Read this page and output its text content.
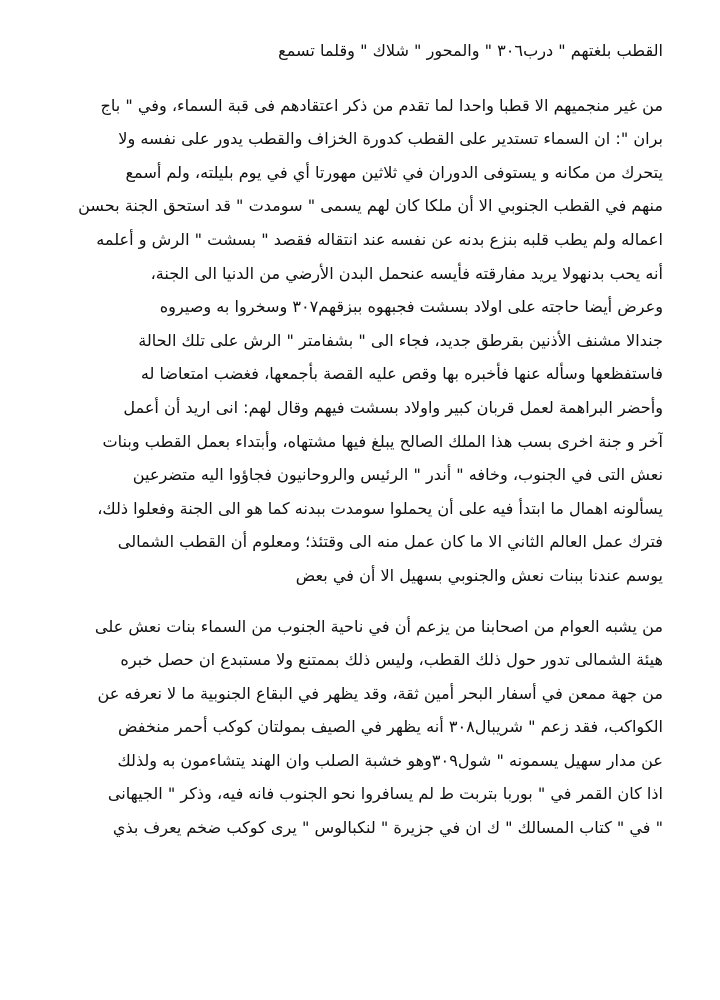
القطب بلغتهم " درب٣٠٦ " والمحور " شلاك " وقلما تسمع

من غير منجميهم الا قطبا واحدا لما تقدم من ذكر اعتقادهم فى قبة السماء، وفي " باج
بران ": ان السماء تستدير على القطب كدورة الخزاف والقطب يدور على نفسه ولا
يتحرك من مكانه و يستوفى الدوران في ثلاثين مهورتا أي في يوم بليلته، ولم أسمع
منهم في القطب الجنوبي الا أن ملكا كان لهم يسمى " سومدت " قد استحق الجنة بحسن
اعماله ولم يطب قلبه بنزع بدنه عن نفسه عند انتقاله فقصد " بسشت " الرش و أعلمه
أنه يحب بدنهولا يريد مفارقته فأيسه عنحمل البدن الأرضي من الدنيا الى الجنة،
وعرض أيضا حاجته على اولاد بسشت فجبهوه ببزقهم٣٠٧ وسخروا به وصيروه
جندالا مشنف الأذنين بقرطق جديد، فجاء الى " بشفامتر " الرش على تلك الحالة
فاستفظعها وسأله عنها فأخبره بها وقص عليه القصة بأجمعها، فغضب امتعاضا له
وأحضر البراهمة لعمل قربان كبير واولاد بسشت فيهم وقال لهم: انى اريد أن أعمل
آخر و جنة اخرى بسب هذا الملك الصالح يبلغ فيها مشتهاه، وأبتداء بعمل القطب وبنات
نعش التى في الجنوب، وخافه " أندر " الرئيس والروحانيون فجاؤوا اليه متضرعين
يسألونه اهمال ما ابتدأ فيه على أن يحملوا سومدت ببدنه كما هو الى الجنة وفعلوا ذلك،
فترك عمل العالم الثاني الا ما كان عمل منه الى وقتئذ؛ ومعلوم أن القطب الشمالى
يوسم عندنا ببنات نعش والجنوبي بسهيل الا أن في بعض

من يشبه العوام من اصحابنا من يزعم أن في ناحية الجنوب من السماء بنات نعش على
هيئة الشمالى تدور حول ذلك القطب، وليس ذلك بممتنع ولا مستبدع ان حصل خبره
من جهة ممعن في أسفار البحر أمين ثقة، وقد يظهر في البقاع الجنوبية ما لا نعرفه عن
الكواكب، فقد زعم " شريبال٣٠٨ أنه يظهر في الصيف بمولتان كوكب أحمر منخفض
عن مدار سهيل يسمونه " شول٣٠٩وهو خشبة الصلب وان الهند يتشاءمون به ولذلك
اذا كان القمر في " بوربا بتربت ط لم يسافروا نحو الجنوب فانه فيه، وذكر " الجيهانى
" في " كتاب المسالك " ك ان في جزيرة " لنكبالوس " يرى كوكب ضخم يعرف بذي
